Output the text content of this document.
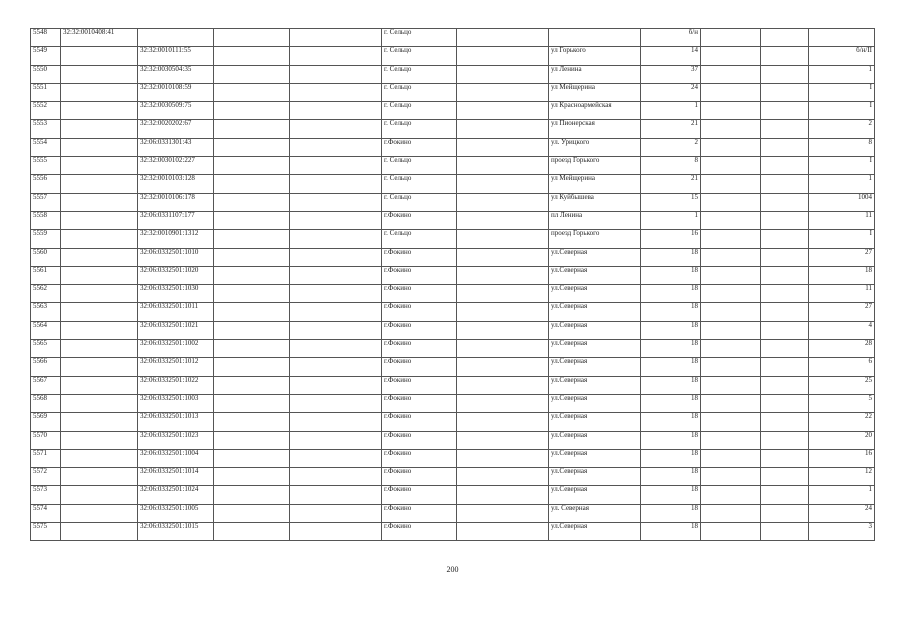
5548	32:32:0010408:41				г. Сельцо			б/н			
5549		32:32:0010111:55			г. Сельцо		ул Горького	14			б/н/II
5550		32:32:0030504:35			г. Сельцо		ул Ленина	37			1
5551		32:32:0010108:59			г. Сельцо		ул Мейщерина	24			I
5552		32:32:0030509:75			г. Сельцо		ул Красноармейская	1			I
5553		32:32:0020202:67			г. Сельцо		ул Пионерская	21			2
5554		32:06:0331301:43			г.Фокино		ул. Урицкого	2			8
5555		32:32:0030102:227			г. Сельцо		проезд Горького	8			I
5556		32:32:0010103:128			г. Сельцо		ул Мейщерина	21			1
5557		32:32:0010106:178			г. Сельцо		ул Куйбышева	15			1004
5558		32:06:0331107:177			г.Фокино		пл Ленина	1			11
5559		32:32:0010901:1312			г. Сельцо		проезд Горького	16			I
5560		32:06:0332501:1010			г.Фокино		ул.Северная	18			27
5561		32:06:0332501:1020			г.Фокино		ул.Северная	18			18
5562		32:06:0332501:1030			г.Фокино		ул.Северная	18			11
5563		32:06:0332501:1011			г.Фокино		ул.Северная	18			27
5564		32:06:0332501:1021			г.Фокино		ул.Северная	18			4
5565		32:06:0332501:1002			г.Фокино		ул.Северная	18			28
5566		32:06:0332501:1012			г.Фокино		ул.Северная	18			6
5567		32:06:0332501:1022			г.Фокино		ул.Северная	18			25
5568		32:06:0332501:1003			г.Фокино		ул.Северная	18			5
5569		32:06:0332501:1013			г.Фокино		ул.Северная	18			22
5570		32:06:0332501:1023			г.Фокино		ул.Северная	18			20
5571		32:06:0332501:1004			г.Фокино		ул.Северная	18			16
5572		32:06:0332501:1014			г.Фокино		ул.Северная	18			12
5573		32:06:0332501:1024			г.Фокино		ул.Северная	18			1
5574		32:06:0332501:1005			г.Фокино		ул. Северная	18			24
5575		32:06:0332501:1015			г.Фокино		ул.Северная	18			3
200
